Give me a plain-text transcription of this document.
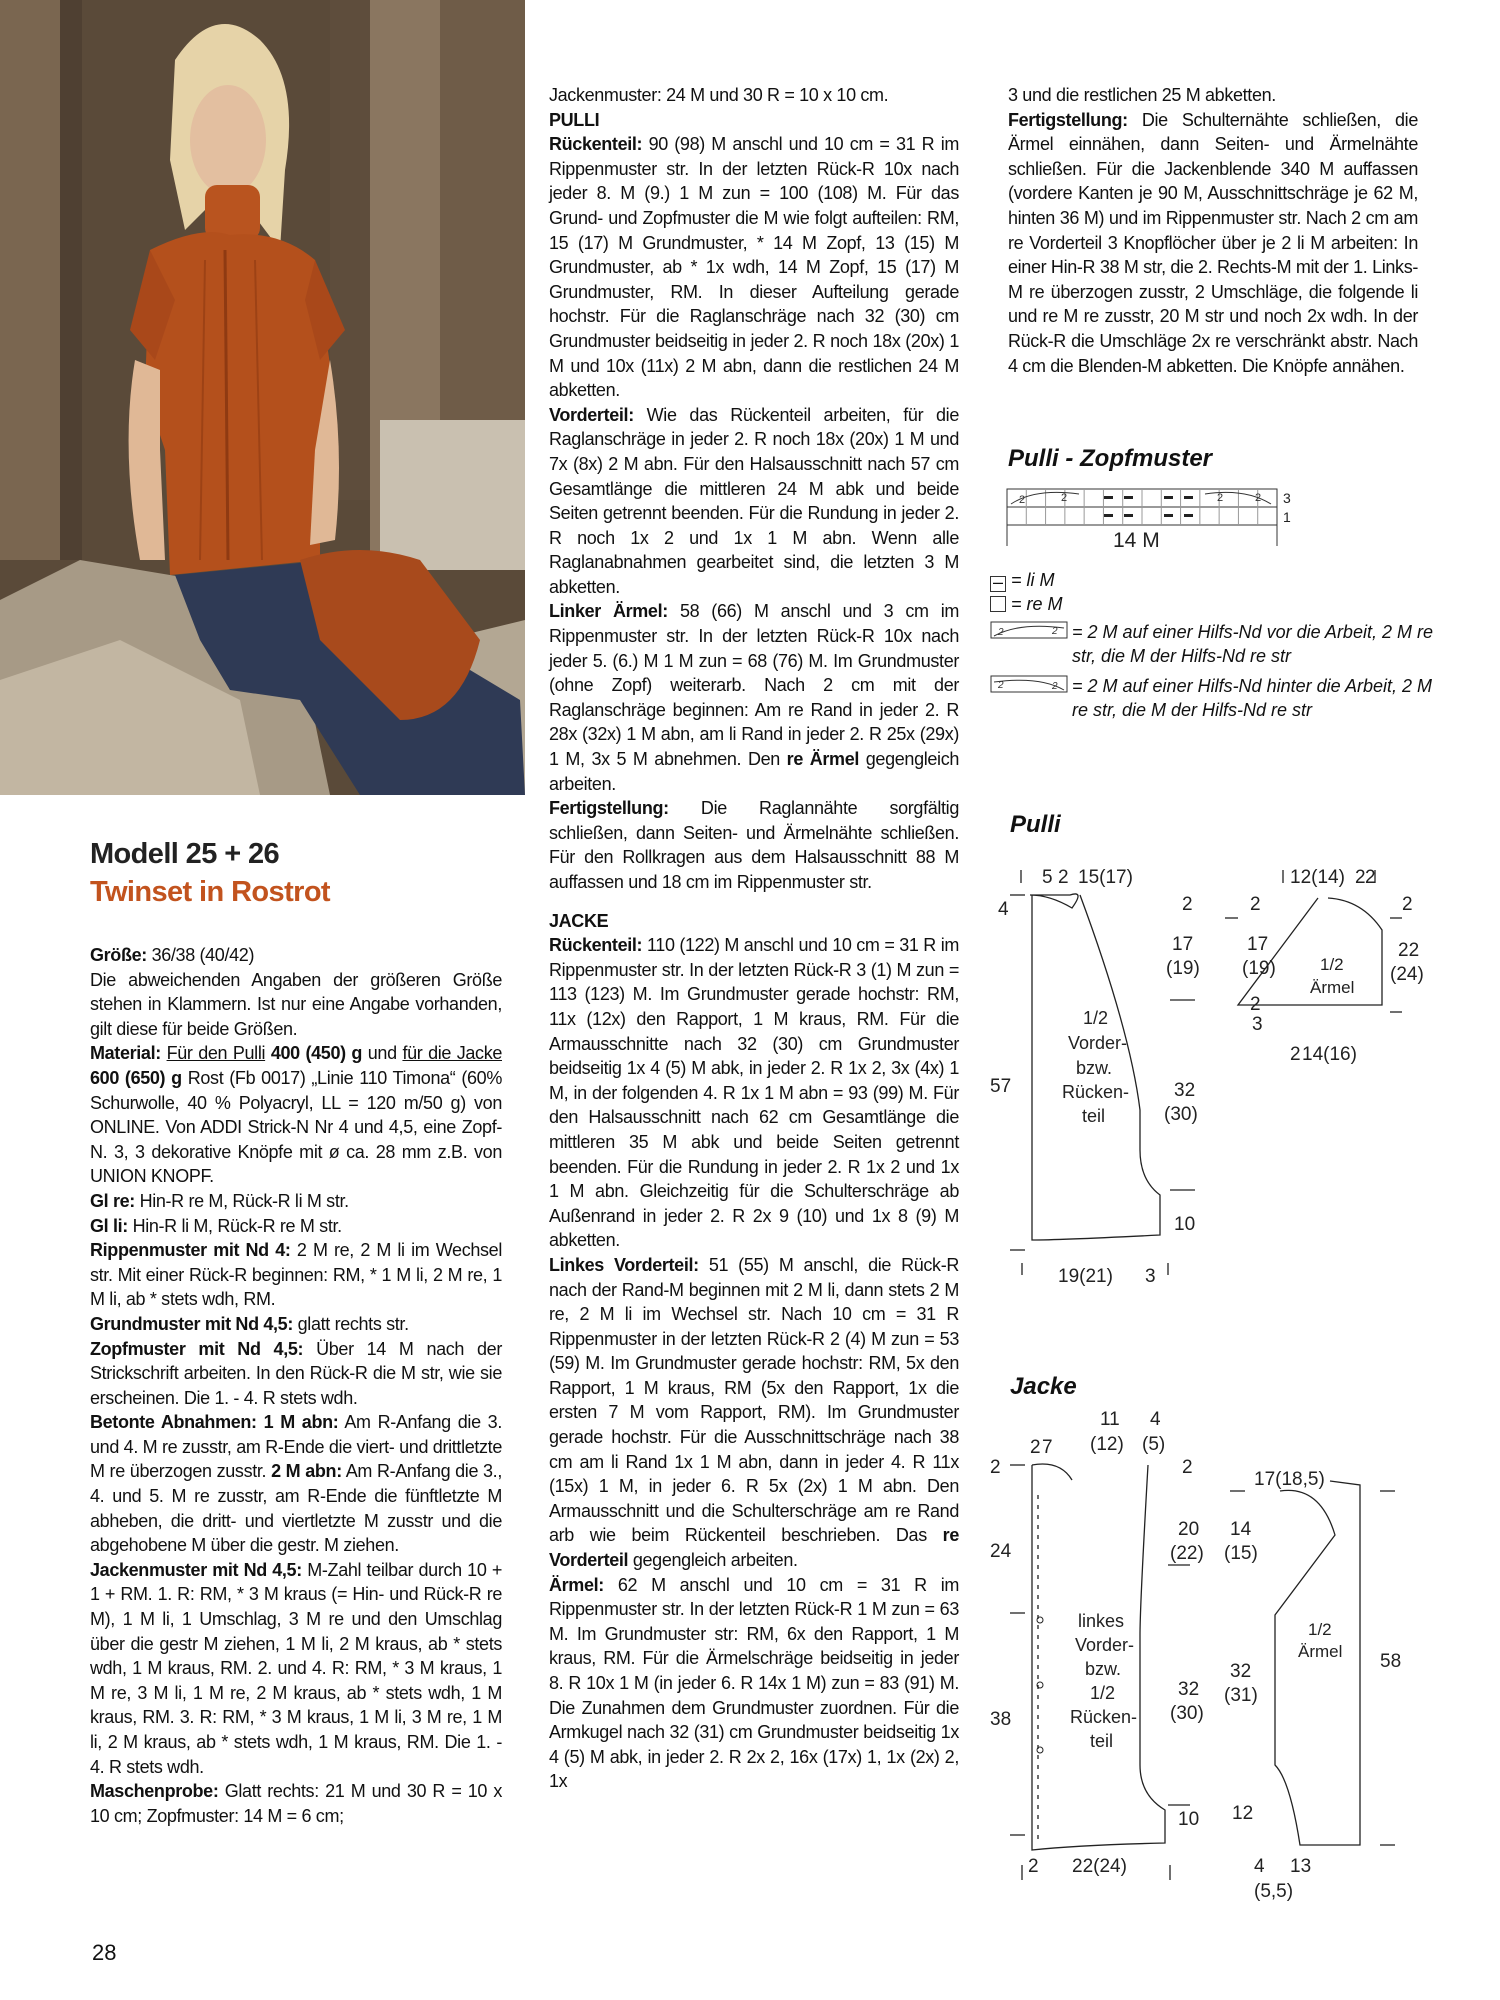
Modell 25 + 26
Twinset in Rostrot

Größe: 36/38 (40/42)
Die abweichenden Angaben der größeren Größe stehen in Klammern. Ist nur eine Angabe vorhanden, gilt diese für beide Größen.

Material: Für den Pulli 400 (450) g und für die Jacke 600 (650) g Rost (Fb 0017) „Linie 110 Timona“ (60% Schurwolle, 40 % Polyacryl, LL = 120 m/50 g) von ONLINE. Von ADDI Strick-N Nr 4 und 4,5, eine Zopf-N. 3, 3 dekorative Knöpfe mit ø ca. 28 mm z.B. von UNION KNOPF.

Gl re: Hin-R re M, Rück-R li M str.

Gl li: Hin-R li M, Rück-R re M str.

Rippenmuster mit Nd 4: 2 M re, 2 M li im Wechsel str. Mit einer Rück-R beginnen: RM, * 1 M li, 2 M re, 1 M li, ab * stets wdh, RM.

Grundmuster mit Nd 4,5: glatt rechts str.

Zopfmuster mit Nd 4,5: Über 14 M nach der Strickschrift arbeiten. In den Rück-R die M str, wie sie erscheinen. Die 1. - 4. R stets wdh.

Betonte Abnahmen: 1 M abn: Am R-Anfang die 3. und 4. M re zusstr, am R-Ende die viert- und drittletzte M re überzogen zusstr. 2 M abn: Am R-Anfang die 3., 4. und 5. M re zusstr, am R-Ende die fünftletzte M abheben, die dritt- und viertletzte M zusstr und die abgehobene M über die gestr. M ziehen.

Jackenmuster mit Nd 4,5: M-Zahl teilbar durch 10 + 1 + RM. 1. R: RM, * 3 M kraus (= Hin- und Rück-R re M), 1 M li, 1 Umschlag, 3 M re und den Umschlag über die gestr M ziehen, 1 M li, 2 M kraus, ab * stets wdh, 1 M kraus, RM. 2. und 4. R: RM, * 3 M kraus, 1 M re, 3 M li, 1 M re, 2 M kraus, ab * stets wdh, 1 M kraus, RM. 3. R: RM, * 3 M kraus, 1 M li, 3 M re, 1 M li, 2 M kraus, ab * stets wdh, 1 M kraus, RM. Die 1. - 4. R stets wdh.

Maschenprobe: Glatt rechts: 21 M und 30 R = 10 x 10 cm; Zopfmuster: 14 M = 6 cm;

Jackenmuster: 24 M und 30 R = 10 x 10 cm.

PULLI

Rückenteil: 90 (98) M anschl und 10 cm = 31 R im Rippenmuster str. In der letzten Rück-R 10x nach jeder 8. M (9.) 1 M zun = 100 (108) M. Für das Grund- und Zopfmuster die M wie folgt aufteilen: RM, 15 (17) M Grundmuster, * 14 M Zopf, 13 (15) M Grundmuster, ab * 1x wdh, 14 M Zopf, 15 (17) M Grundmuster, RM. In dieser Aufteilung gerade hochstr. Für die Raglanschräge nach 32 (30) cm Grundmuster beidseitig in jeder 2. R noch 18x (20x) 1 M und 10x (11x) 2 M abn, dann die restlichen 24 M abketten.

Vorderteil: Wie das Rückenteil arbeiten, für die Raglanschräge in jeder 2. R noch 18x (20x) 1 M und 7x (8x) 2 M abn. Für den Halsausschnitt nach 57 cm Gesamtlänge die mittleren 24 M abk und beide Seiten getrennt beenden. Für die Rundung in jeder 2. R noch 1x 2 und 1x 1 M abn. Wenn alle Raglanabnahmen gearbeitet sind, die letzten 3 M abketten.

Linker Ärmel: 58 (66) M anschl und 3 cm im Rippenmuster str. In der letzten Rück-R 10x nach jeder 5. (6.) M 1 M zun = 68 (76) M. Im Grundmuster (ohne Zopf) weiterarb. Nach 2 cm mit der Raglanschräge beginnen: Am re Rand in jeder 2. R 28x (32x) 1 M abn, am li Rand in jeder 2. R 25x (29x) 1 M, 3x 5 M abnehmen. Den re Ärmel gegengleich arbeiten.

Fertigstellung: Die Raglannähte sorgfältig schließen, dann Seiten- und Ärmelnähte schließen. Für den Rollkragen aus dem Halsausschnitt 88 M auffassen und 18 cm im Rippenmuster str.

JACKE

Rückenteil: 110 (122) M anschl und 10 cm = 31 R im Rippenmuster str. In der letzten Rück-R 3 (1) M zun = 113 (123) M. Im Grundmuster gerade hochstr: RM, 11x (12x) den Rapport, 1 M kraus, RM. Für die Armausschnitte nach 32 (30) cm Grundmuster beidseitig 1x 4 (5) M abk, in jeder 2. R 1x 2, 3x (4x) 1 M, in der folgenden 4. R 1x 1 M abn = 93 (99) M. Für den Halsausschnitt nach 62 cm Gesamtlänge die mittleren 35 M abk und beide Seiten getrennt beenden. Für die Rundung in jeder 2. R 1x 2 und 1x 1 M abn. Gleichzeitig für die Schulterschräge ab Außenrand in jeder 2. R 2x 9 (10) und 1x 8 (9) M abketten.

Linkes Vorderteil: 51 (55) M anschl, die Rück-R nach der Rand-M beginnen mit 2 M li, dann stets 2 M re, 2 M li im Wechsel str. Nach 10 cm = 31 R Rippenmuster in der letzten Rück-R 2 (4) M zun = 53 (59) M. Im Grundmuster gerade hochstr: RM, 5x den Rapport, 1 M kraus, RM (5x den Rapport, 1x die ersten 7 M vom Rapport, RM). Im Grundmuster gerade hochstr. Für die Ausschnittschräge nach 38 cm am li Rand 1x 1 M abn, dann in jeder 4. R 11x (15x) 1 M, in jeder 6. R 5x (2x) 1 M abn. Den Armausschnitt und die Schulterschräge am re Rand arb wie beim Rückenteil beschrieben. Das re Vorderteil gegengleich arbeiten.

Ärmel: 62 M anschl und 10 cm = 31 R im Rippenmuster str. In der letzten Rück-R 1 M zun = 63 M. Im Grundmuster str: RM, 6x den Rapport, 1 M kraus, RM. Für die Ärmelschräge beidseitig in jeder 8. R 10x 1 M (in jeder 6. R 14x 1 M) zun = 83 (91) M. Die Zunahmen dem Grundmuster zuordnen. Für die Armkugel nach 32 (31) cm Grundmuster beidseitig 1x 4 (5) M abk, in jeder 2. R 2x 2, 16x (17x) 1, 1x (2x) 2, 1x

3 und die restlichen 25 M abketten.

Fertigstellung: Die Schulternähte schließen, die Ärmel einnähen, dann Seiten- und Ärmelnähte schließen. Für die Jackenblende 340 M auffassen (vordere Kanten je 90 M, Ausschnittschräge je 62 M, hinten 36 M) und im Rippenmuster str. Nach 2 cm am re Vorderteil 3 Knopflöcher über je 2 li M arbeiten: In einer Hin-R 38 M str, die 2. Rechts-M mit der 1. Links-M re überzogen zusstr, 2 Umschläge, die folgende li und re M re zusstr, 20 M str und noch 2x wdh. In der Rück-R die Umschläge 2x re verschränkt abstr. Nach 4 cm die Blenden-M abketten. Die Knöpfe annähen.

Pulli - Zopfmuster
2	2	2	2 3
1
14 M
– = li M
= re M
2	2 = 2 M auf einer Hilfs-Nd vor die Arbeit, 2 M re str, die M der Hilfs-Nd re str
2	2 = 2 M auf einer Hilfs-Nd hinter die Arbeit, 2 M re str, die M der Hilfs-Nd re str
Pulli
5 2 15(17)
4	2
17
(19)
1/2
Vorder-
bzw.
Rücken-
teil
57	32
(30)
10
19(21) 3
2
12(14) 2 2
2
17
(19)	1/2
Ärmel
22
(24)
2
3
2 14(16)
Jacke
2 7
11
(12)
4
(5)
2	2
17(18,5)
20
(22)
14
(15)
24
linkes
Vorder-
bzw.
1/2
Rücken-
teil
1/2
Ärmel 58
32
(30)
32
(31)
38
10 12
2 22(24)	4 13
(5,5)
28
